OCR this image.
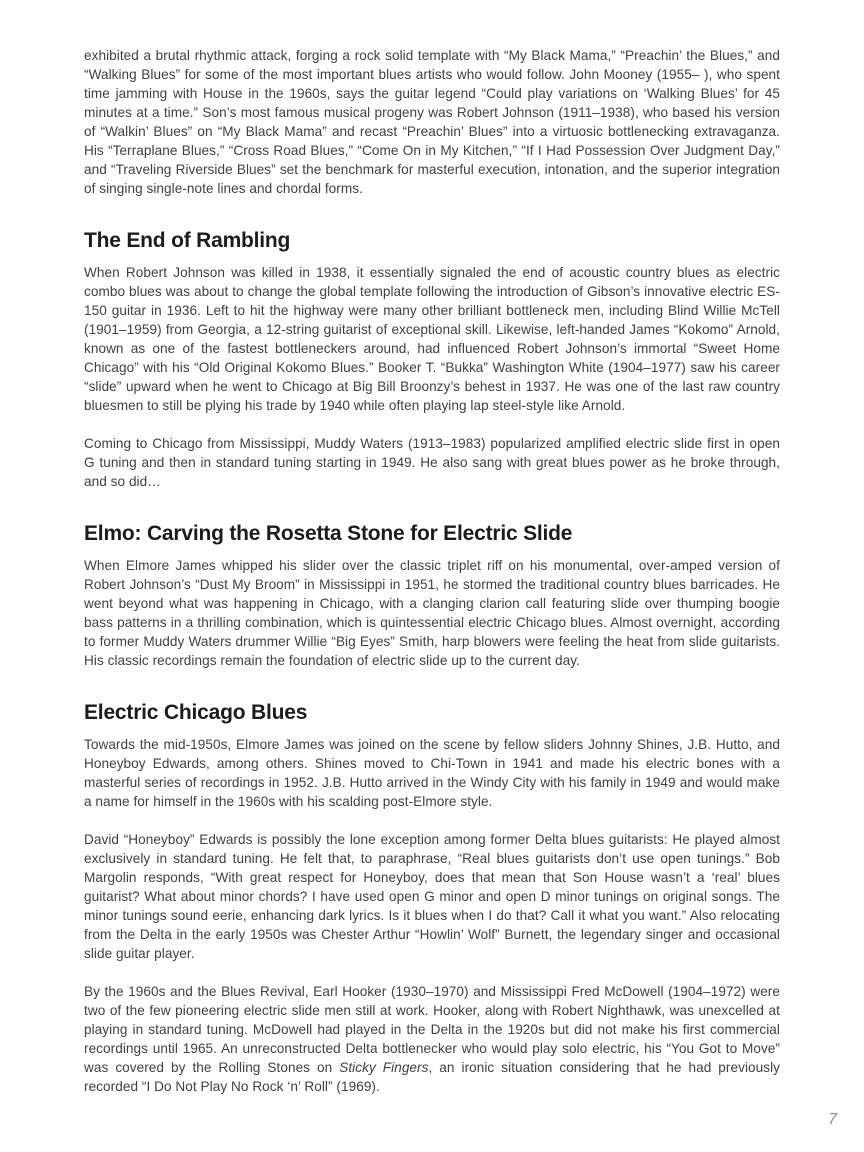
exhibited a brutal rhythmic attack, forging a rock solid template with “My Black Mama,” “Preachin’ the Blues,” and “Walking Blues” for some of the most important blues artists who would follow. John Mooney (1955– ), who spent time jamming with House in the 1960s, says the guitar legend “Could play variations on ‘Walking Blues’ for 45 minutes at a time.” Son’s most famous musical progeny was Robert Johnson (1911–1938), who based his version of “Walkin’ Blues” on “My Black Mama” and recast “Preachin’ Blues” into a virtuosic bottlenecking extravaganza. His “Terraplane Blues,” “Cross Road Blues,” “Come On in My Kitchen,” “If I Had Possession Over Judgment Day,” and “Traveling Riverside Blues” set the benchmark for masterful execution, intonation, and the superior integration of singing single-note lines and chordal forms.

The End of Rambling

When Robert Johnson was killed in 1938, it essentially signaled the end of acoustic country blues as electric combo blues was about to change the global template following the introduction of Gibson’s innovative electric ES-150 guitar in 1936. Left to hit the highway were many other brilliant bottleneck men, including Blind Willie McTell (1901–1959) from Georgia, a 12-string guitarist of exceptional skill. Likewise, left-handed James “Kokomo” Arnold, known as one of the fastest bottleneckers around, had influenced Robert Johnson’s immortal “Sweet Home Chicago” with his “Old Original Kokomo Blues.” Booker T. “Bukka” Washington White (1904–1977) saw his career “slide” upward when he went to Chicago at Big Bill Broonzy’s behest in 1937. He was one of the last raw country bluesmen to still be plying his trade by 1940 while often playing lap steel-style like Arnold.

Coming to Chicago from Mississippi, Muddy Waters (1913–1983) popularized amplified electric slide first in open G tuning and then in standard tuning starting in 1949. He also sang with great blues power as he broke through, and so did…

Elmo: Carving the Rosetta Stone for Electric Slide

When Elmore James whipped his slider over the classic triplet riff on his monumental, over-amped version of Robert Johnson’s “Dust My Broom” in Mississippi in 1951, he stormed the traditional country blues barricades. He went beyond what was happening in Chicago, with a clanging clarion call featuring slide over thumping boogie bass patterns in a thrilling combination, which is quintessential electric Chicago blues. Almost overnight, according to former Muddy Waters drummer Willie “Big Eyes” Smith, harp blowers were feeling the heat from slide guitarists. His classic recordings remain the foundation of electric slide up to the current day.

Electric Chicago Blues

Towards the mid-1950s, Elmore James was joined on the scene by fellow sliders Johnny Shines, J.B. Hutto, and Honeyboy Edwards, among others. Shines moved to Chi-Town in 1941 and made his electric bones with a masterful series of recordings in 1952. J.B. Hutto arrived in the Windy City with his family in 1949 and would make a name for himself in the 1960s with his scalding post-Elmore style.

David “Honeyboy” Edwards is possibly the lone exception among former Delta blues guitarists: He played almost exclusively in standard tuning. He felt that, to paraphrase, “Real blues guitarists don’t use open tunings.” Bob Margolin responds, “With great respect for Honeyboy, does that mean that Son House wasn’t a ‘real’ blues guitarist? What about minor chords? I have used open G minor and open D minor tunings on original songs. The minor tunings sound eerie, enhancing dark lyrics. Is it blues when I do that? Call it what you want.” Also relocating from the Delta in the early 1950s was Chester Arthur “Howlin’ Wolf” Burnett, the legendary singer and occasional slide guitar player.

By the 1960s and the Blues Revival, Earl Hooker (1930–1970) and Mississippi Fred McDowell (1904–1972) were two of the few pioneering electric slide men still at work. Hooker, along with Robert Nighthawk, was unexcelled at playing in standard tuning. McDowell had played in the Delta in the 1920s but did not make his first commercial recordings until 1965. An unreconstructed Delta bottlenecker who would play solo electric, his “You Got to Move” was covered by the Rolling Stones on Sticky Fingers, an ironic situation considering that he had previously recorded “I Do Not Play No Rock ‘n’ Roll” (1969).

7
